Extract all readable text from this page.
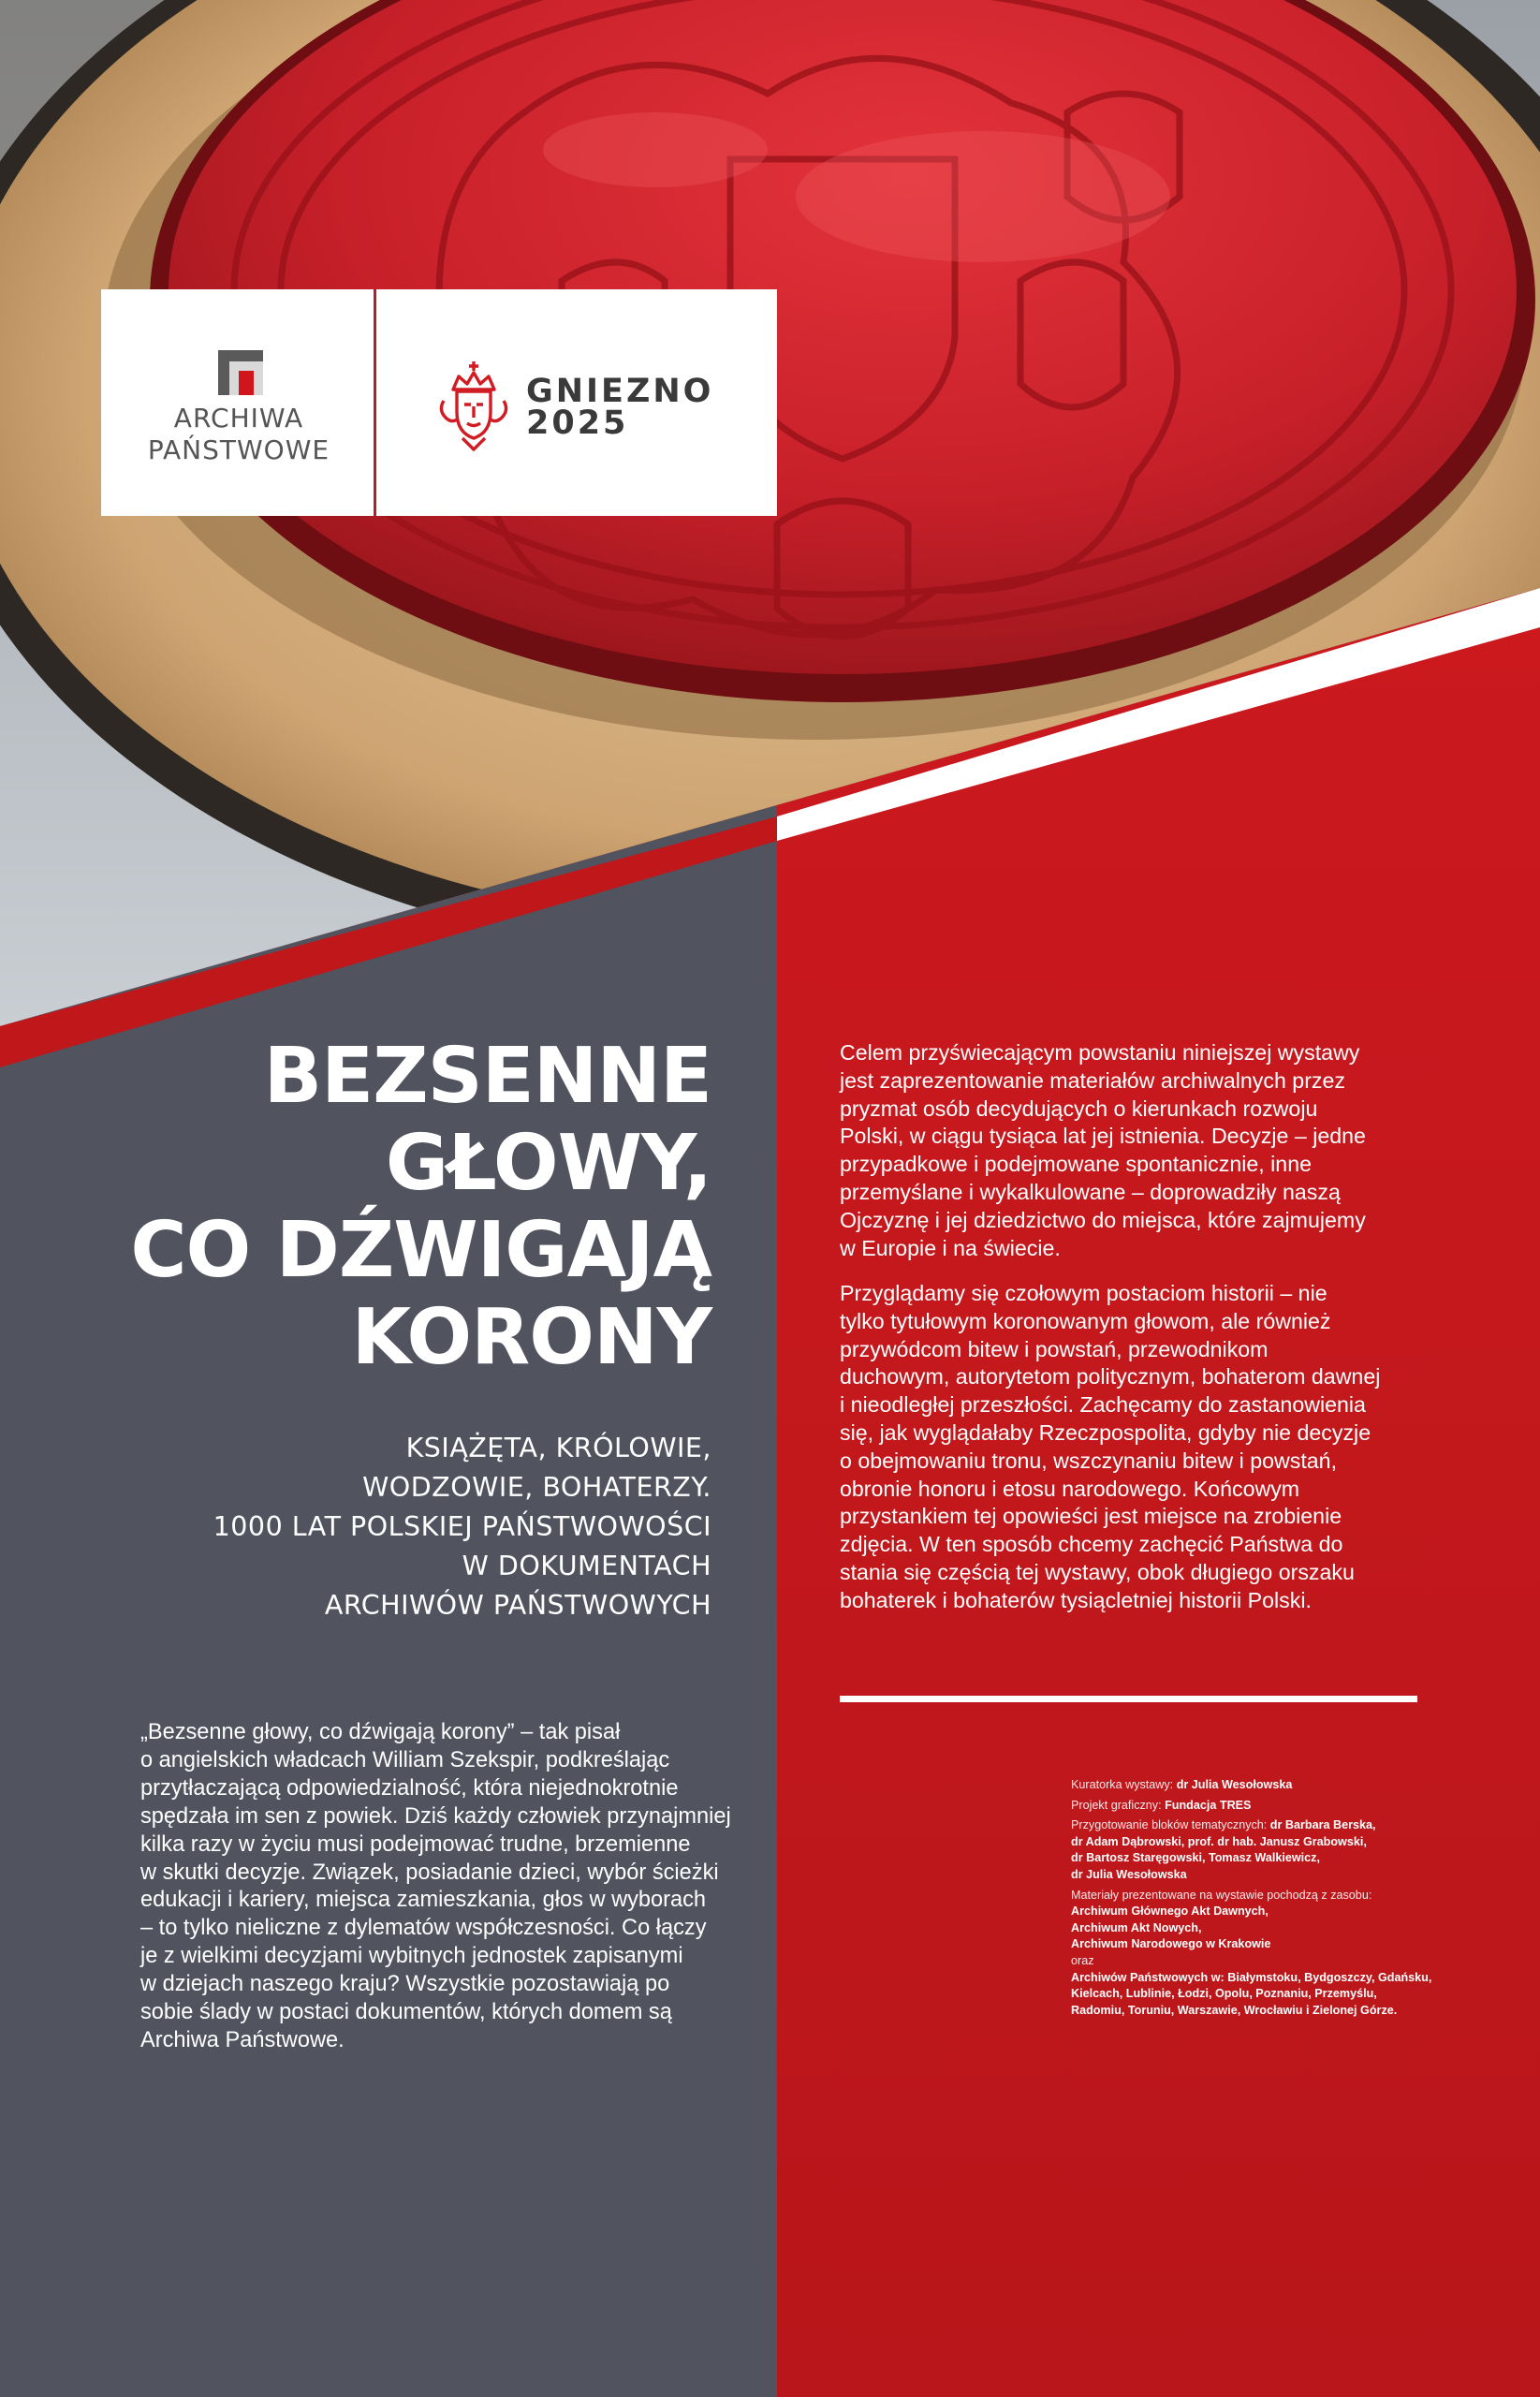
ARCHIWA
PAŃSTWOWE
GNIEZNO
2025
BEZSENNE
GŁOWY,
CO DŹWIGAJĄ
KORONY
KSIĄŻĘTA, KRÓLOWIE,
WODZOWIE, BOHATERZY.
1000 LAT POLSKIEJ PAŃSTWOWOŚCI
W DOKUMENTACH
ARCHIWÓW PAŃSTWOWYCH
„Bezsenne głowy, co dźwigają korony” – tak pisał
o angielskich władcach William Szekspir, podkreślając
przytłaczającą odpowiedzialność, która niejednokrotnie
spędzała im sen z powiek. Dziś każdy człowiek przynajmniej
kilka razy w życiu musi podejmować trudne, brzemienne
w skutki decyzje. Związek, posiadanie dzieci, wybór ścieżki
edukacji i kariery, miejsca zamieszkania, głos w wyborach
– to tylko nieliczne z dylematów współczesności. Co łączy
je z wielkimi decyzjami wybitnych jednostek zapisanymi
w dziejach naszego kraju? Wszystkie pozostawiają po
sobie ślady w postaci dokumentów, których domem są
Archiwa Państwowe.
Celem przyświecającym powstaniu niniejszej wystawy
jest zaprezentowanie materiałów archiwalnych przez
pryzmat osób decydujących o kierunkach rozwoju
Polski, w ciągu tysiąca lat jej istnienia. Decyzje – jedne
przypadkowe i podejmowane spontanicznie, inne
przemyślane i wykalkulowane – doprowadziły naszą
Ojczyznę i jej dziedzictwo do miejsca, które zajmujemy
w Europie i na świecie.
Przyglądamy się czołowym postaciom historii – nie
tylko tytułowym koronowanym głowom, ale również
przywódcom bitew i powstań, przewodnikom
duchowym, autorytetom politycznym, bohaterom dawnej
i nieodległej przeszłości. Zachęcamy do zastanowienia
się, jak wyglądałaby Rzeczpospolita, gdyby nie decyzje
o obejmowaniu tronu, wszczynaniu bitew i powstań,
obronie honoru i etosu narodowego. Końcowym
przystankiem tej opowieści jest miejsce na zrobienie
zdjęcia. W ten sposób chcemy zachęcić Państwa do
stania się częścią tej wystawy, obok długiego orszaku
bohaterek i bohaterów tysiącletniej historii Polski.
Kuratorka wystawy: dr Julia Wesołowska
Projekt graficzny: Fundacja TRES
Przygotowanie bloków tematycznych: dr Barbara Berska,
dr Adam Dąbrowski, prof. dr hab. Janusz Grabowski,
dr Bartosz Staręgowski, Tomasz Walkiewicz,
dr Julia Wesołowska
Materiały prezentowane na wystawie pochodzą z zasobu:
Archiwum Głównego Akt Dawnych,
Archiwum Akt Nowych,
Archiwum Narodowego w Krakowie
oraz
Archiwów Państwowych w: Białymstoku, Bydgoszczy, Gdańsku,
Kielcach, Lublinie, Łodzi, Opolu, Poznaniu, Przemyślu,
Radomiu, Toruniu, Warszawie, Wrocławiu i Zielonej Górze.
